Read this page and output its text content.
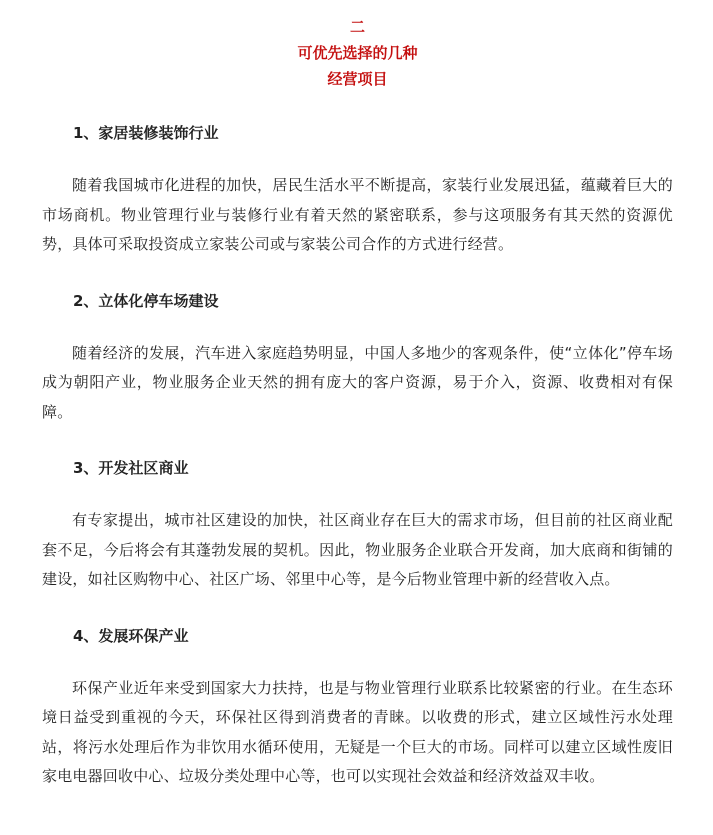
二
可优先选择的几种
经营项目
1、家居装修装饰行业

随着我国城市化进程的加快，居民生活水平不断提高，家装行业发展迅猛，蕴藏着巨大的市场商机。物业管理行业与装修行业有着天然的紧密联系，参与这项服务有其天然的资源优势，具体可采取投资成立家装公司或与家装公司合作的方式进行经营。

2、立体化停车场建设

随着经济的发展，汽车进入家庭趋势明显，中国人多地少的客观条件，使“立体化”停车场成为朝阳产业，物业服务企业天然的拥有庞大的客户资源，易于介入，资源、收费相对有保障。

3、开发社区商业

有专家提出，城市社区建设的加快，社区商业存在巨大的需求市场，但目前的社区商业配套不足，今后将会有其蓬勃发展的契机。因此，物业服务企业联合开发商，加大底商和街铺的建设，如社区购物中心、社区广场、邻里中心等，是今后物业管理中新的经营收入点。

4、发展环保产业

环保产业近年来受到国家大力扶持，也是与物业管理行业联系比较紧密的行业。在生态环境日益受到重视的今天，环保社区得到消费者的青睐。以收费的形式，建立区域性污水处理站，将污水处理后作为非饮用水循环使用，无疑是一个巨大的市场。同样可以建立区域性废旧家电电器回收中心、垃圾分类处理中心等，也可以实现社会效益和经济效益双丰收。
